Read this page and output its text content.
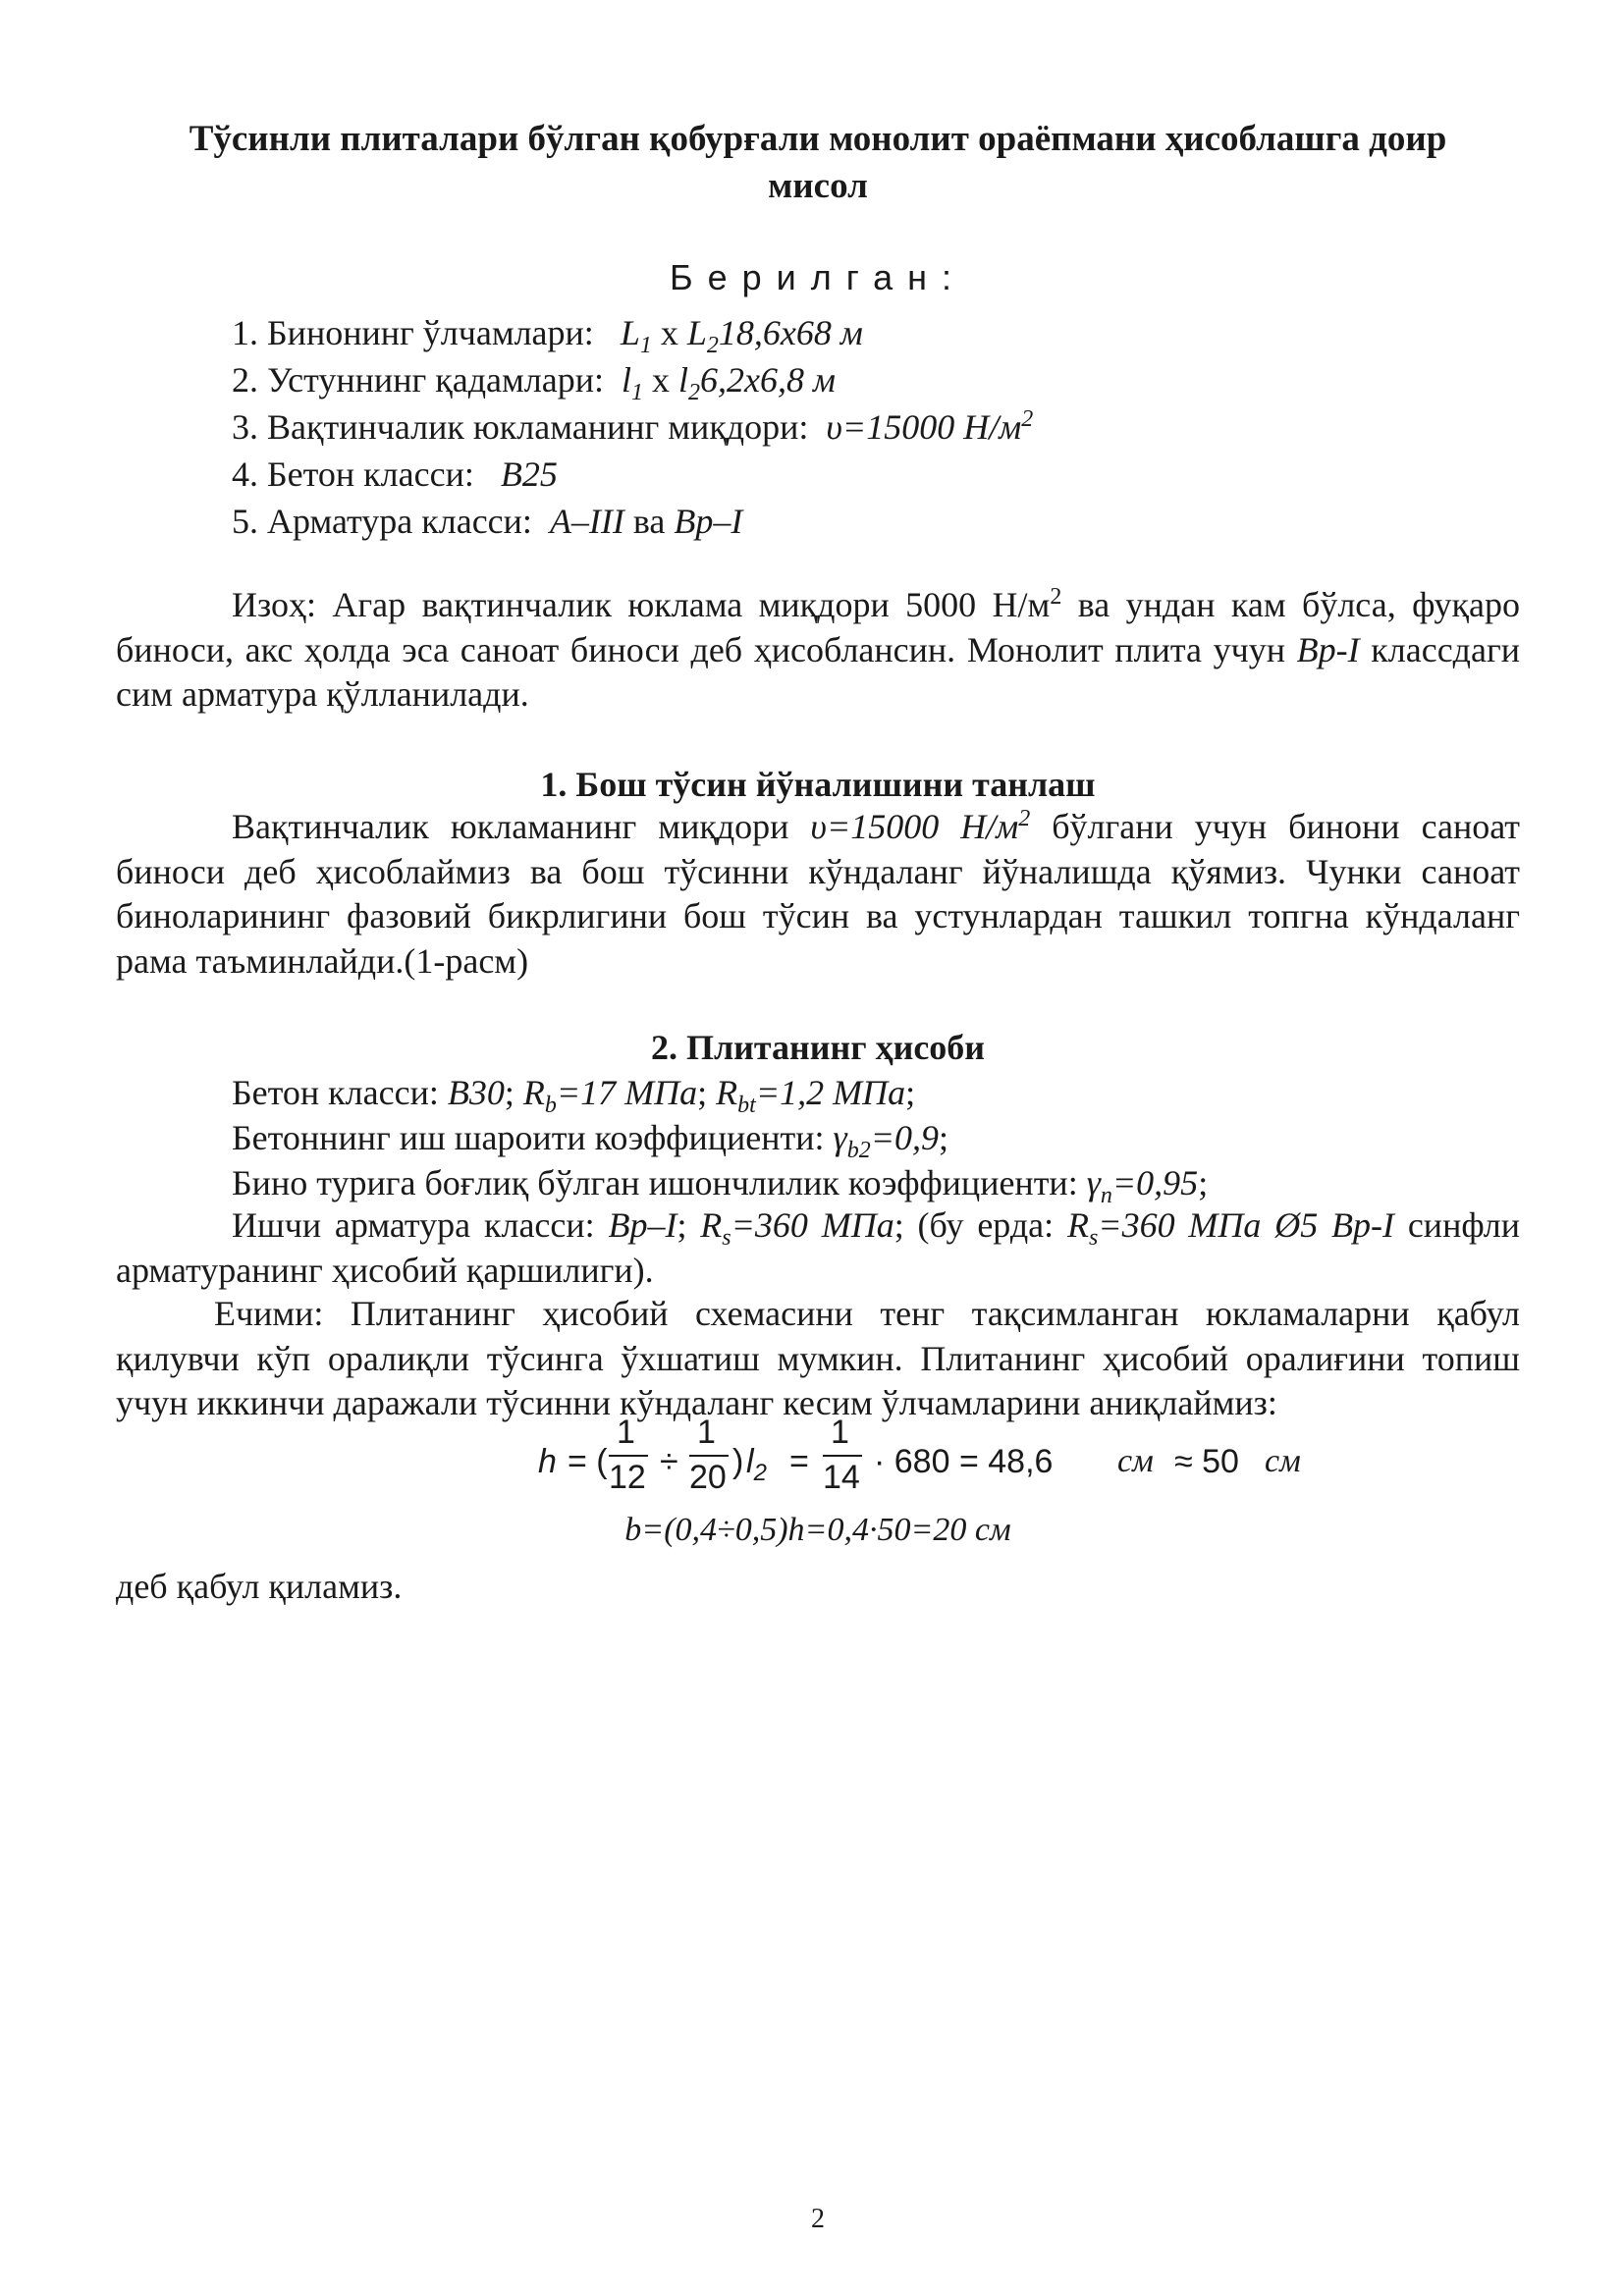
Тўсинли плиталари бўлган қобурғали монолит ораёпмани ҳисоблашга доир
мисол
Берилган:
1. Бинонинг ўлчамлари: $L_1$ х $L_218,6х68$ м
2. Устуннинг қадамлари: $l_1$ х $l_26,2х6,8$ м
3. Вақтинчалик юкламанинг миқдори: υ=15000 $Н/м^2$
4. Бетон класси: В25
5. Арматура класси: А–III ва Вр–I
Изоҳ: Агар вақтинчалик юклама миқдори 5000 $Н/м^2$ ва ундан кам бўлса, фуқаро биноси, акс ҳолда эса саноат биноси деб ҳисоблансин. Монолит плита учун Вр-I классдаги сим арматура қўлланилади.
1. Бош тўсин йўналишини танлаш
Вақтинчалик юкламанинг миқдори υ=15000 $Н/м^2$ бўлгани учун бинони саноат биноси деб ҳисоблаймиз ва бош тўсинни кўндаланг йўналишда қўямиз. Чунки саноат биноларининг фазовий бикрлигини бош тўсин ва устунлардан ташкил топгна кўндаланг рама таъминлайди.(1-расм)
2. Плитанинг ҳисоби
Бетон класси: В30; $R_b=17$ МПа; $R_{bt}=1,2$ МПа;
Бетоннинг иш шароити коэффициенти: $\gamma_{b2}=0,9$;
Бино турига боғлиқ бўлган ишончлилик коэффициенти: $\gamma_n=0,95$;
Ишчи арматура класси: Вр–I; $R_s=360$ МПа; (бу ерда: $R_s=360$ МПа Ø5 Вр-I синфли арматуранинг ҳисобий қаршилиги).
Ечими: Плитанинг ҳисобий схемасини тенг тақсимланган юкламаларни қабул қилувчи кўп оралиқли тўсинга ўхшатиш мумкин. Плитанинг ҳисобий оралиғини топиш учун иккинчи даражали тўсинни кўндаланг кесим ўлчамларини аниқлаймиз:
h = (
1
12 ÷
1
20 ) $l_2$ =
1
14 · 680 = 48,6 см ≈ 50 см
b=(0,4÷0,5)h=0,4·50=20 см
деб қабул қиламиз.
2
